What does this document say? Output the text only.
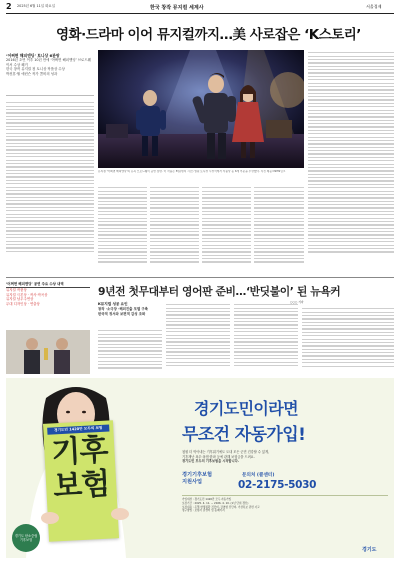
2 2025년 6월 11일 화요일	한국 창작 뮤지컬 세계사	서울경제
영화·드라마 이어 뮤지컬까지…美 사로잡은 ‘K스토리’
‘어쩌면 해피엔딩’ 토니상 6관왕
2016년 초연 이후 10년 만에 ‘아쩌면 해피엔딩’ 브로드웨이서 수상 쾌거
한국 창작 뮤지컬 첫 토니상 작품상 수상
박천휴·윌 애런슨 작가 콤비의 성과
뮤지컬 ‘어쩌면 해피엔딩’의 뉴욕 브로드웨이 공연 장면. 이 작품은 8일(현지 시간) 열린 토니상 시상식에서 작품상 등 6개 부문을 수상했다. 사진 제공=NHN링크
‘어쩌면 해피엔딩’ 공연 주요 수상 내역
뮤지컬 작품상
뮤지컬 극본상 · 작사·작곡상
뮤지컬 남우주연상
무대 디자인상 · 연출상
9년전 첫무대부터 영어판 준비…‘반딧불이’ 된 뉴욕커
K뮤지컬 성공 요인
창작 ·소극장 ·해외진출 모델 구축
한국적 정서와 보편적 감성 조화
○○○ 기자
경기도민 1420만 모두의 보험
기후 보험
경기도 탄소중립 기후보험
경기도민이라면
무조건 자동가입!
청원 더 막아내는 기후위기에도 도내 모든 군민 건강할 수 있게,
기후재난 폭우·폭염·한파 등에 관해 보험금을 드려요.
경기도민 모두의 기후보험을 시작합니다.
경기기후보험
지원사업
문의처 (콜센터)
02-2175-5030
가입대상 : 경기도민 1420만 모두 자동가입
보장기간 : 2025. 4. 11. ~ 2026. 4. 10. (1년 단위 갱신)
보장내용 : 온열·한랭질환 진단비, 감염병 진단비, 기상특보 관련 사고
청구방법 : 보험사 콜센터 및 홈페이지
경기도
